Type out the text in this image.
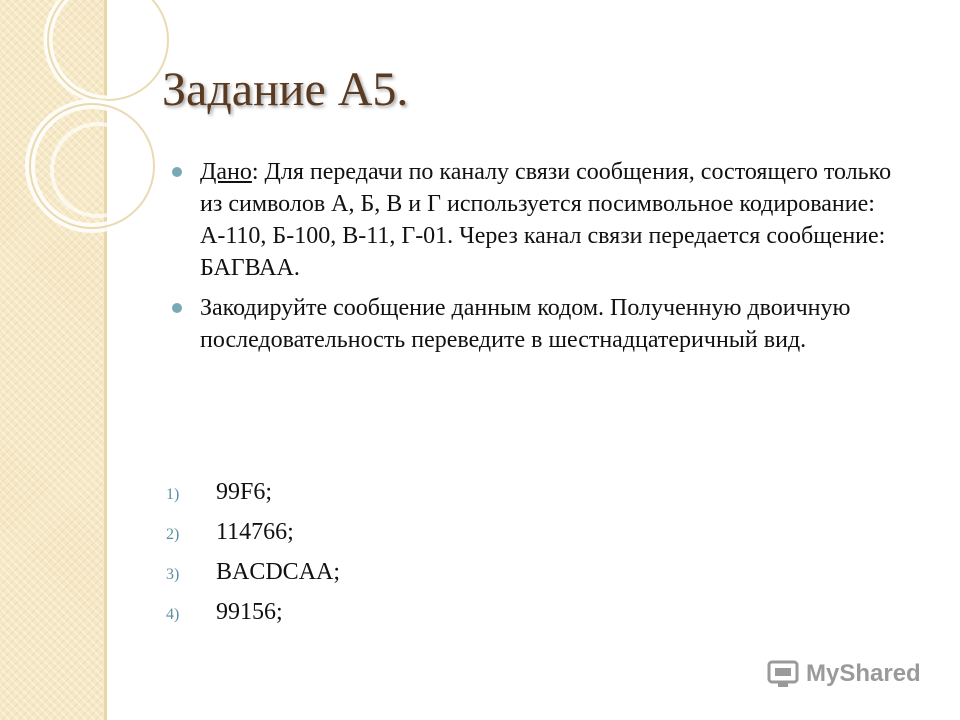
Задание А5.
Дано: Для передачи по каналу связи сообщения, состоящего только из символов А, Б, В и Г используется посимвольное кодирование: А-110, Б-100, В-11, Г-01. Через канал связи передается сообщение: БАГВАА.
Закодируйте сообщение данным кодом. Полученную двоичную последовательность переведите в шестнадцатеричный вид.
1) 99F6;
2) 114766;
3) BACDCAA;
4) 99156;
MyShared
